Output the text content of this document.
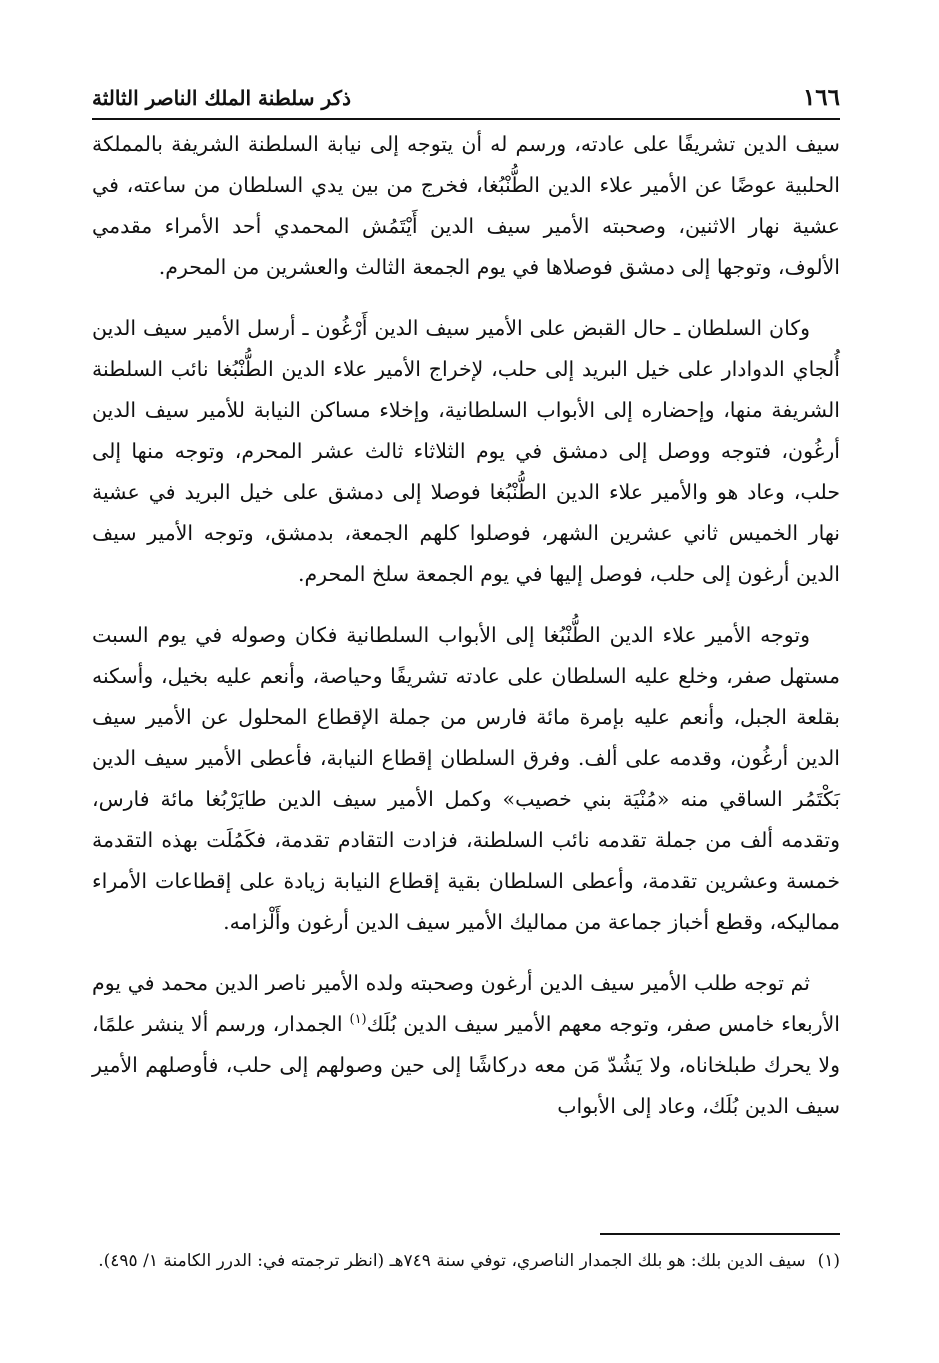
١٦٦
ذكر سلطنة الملك الناصر الثالثة

سيف الدين تشريفًا على عادته، ورسم له أن يتوجه إلى نيابة السلطنة الشريفة بالمملكة الحلبية عوضًا عن الأمير علاء الدين الطُّنْبُغا، فخرج من بين يدي السلطان من ساعته، في عشية نهار الاثنين، وصحبته الأمير سيف الدين أَيْتَمُش المحمدي أحد الأمراء مقدمي الألوف، وتوجها إلى دمشق فوصلاها في يوم الجمعة الثالث والعشرين من المحرم.

وكان السلطان ـ حال القبض على الأمير سيف الدين أَرْغُون ـ أرسل الأمير سيف الدين أُلجاي الدوادار على خيل البريد إلى حلب، لإخراج الأمير علاء الدين الطُّنْبُغا نائب السلطنة الشريفة منها، وإحضاره إلى الأبواب السلطانية، وإخلاء مساكن النيابة للأمير سيف الدين أرغُون، فتوجه ووصل إلى دمشق في يوم الثلاثاء ثالث عشر المحرم، وتوجه منها إلى حلب، وعاد هو والأمير علاء الدين الطُّنْبُغا فوصلا إلى دمشق على خيل البريد في عشية نهار الخميس ثاني عشرين الشهر، فوصلوا كلهم الجمعة، بدمشق، وتوجه الأمير سيف الدين أرغون إلى حلب، فوصل إليها في يوم الجمعة سلخ المحرم.

وتوجه الأمير علاء الدين الطُّنْبُغا إلى الأبواب السلطانية فكان وصوله في يوم السبت مستهل صفر، وخلع عليه السلطان على عادته تشريفًا وحياصة، وأنعم عليه بخيل، وأسكنه بقلعة الجبل، وأنعم عليه بإمرة مائة فارس من جملة الإقطاع المحلول عن الأمير سيف الدين أرغُون، وقدمه على ألف. وفرق السلطان إقطاع النيابة، فأعطى الأمير سيف الدين بَكْتَمُر الساقي منه «مُنْيَة بني خصيب» وكمل الأمير سيف الدين طايَرْبُغا مائة فارس، وتقدمه ألف من جملة تقدمه نائب السلطنة، فزادت التقادم تقدمة، فكَمُلَت بهذه التقدمة خمسة وعشرين تقدمة، وأعطى السلطان بقية إقطاع النيابة زيادة على إقطاعات الأمراء مماليكه، وقطع أخباز جماعة من مماليك الأمير سيف الدين أرغون وأَلْزامه.

ثم توجه طلب الأمير سيف الدين أرغون وصحبته ولده الأمير ناصر الدين محمد في يوم الأربعاء خامس صفر، وتوجه معهم الأمير سيف الدين بُلَك$^{(١)}$ الجمدار، ورسم ألا ينشر علمًا، ولا يحرك طبلخاناه، ولا يَشُدّ مَن معه دركاشًا إلى حين وصولهم إلى حلب، فأوصلهم الأمير سيف الدين بُلَك، وعاد إلى الأبواب

(١)سيف الدين بلك: هو بلك الجمدار الناصري، توفي سنة ٧٤٩هـ (انظر ترجمته في: الدرر الكامنة ١/ ٤٩٥).
